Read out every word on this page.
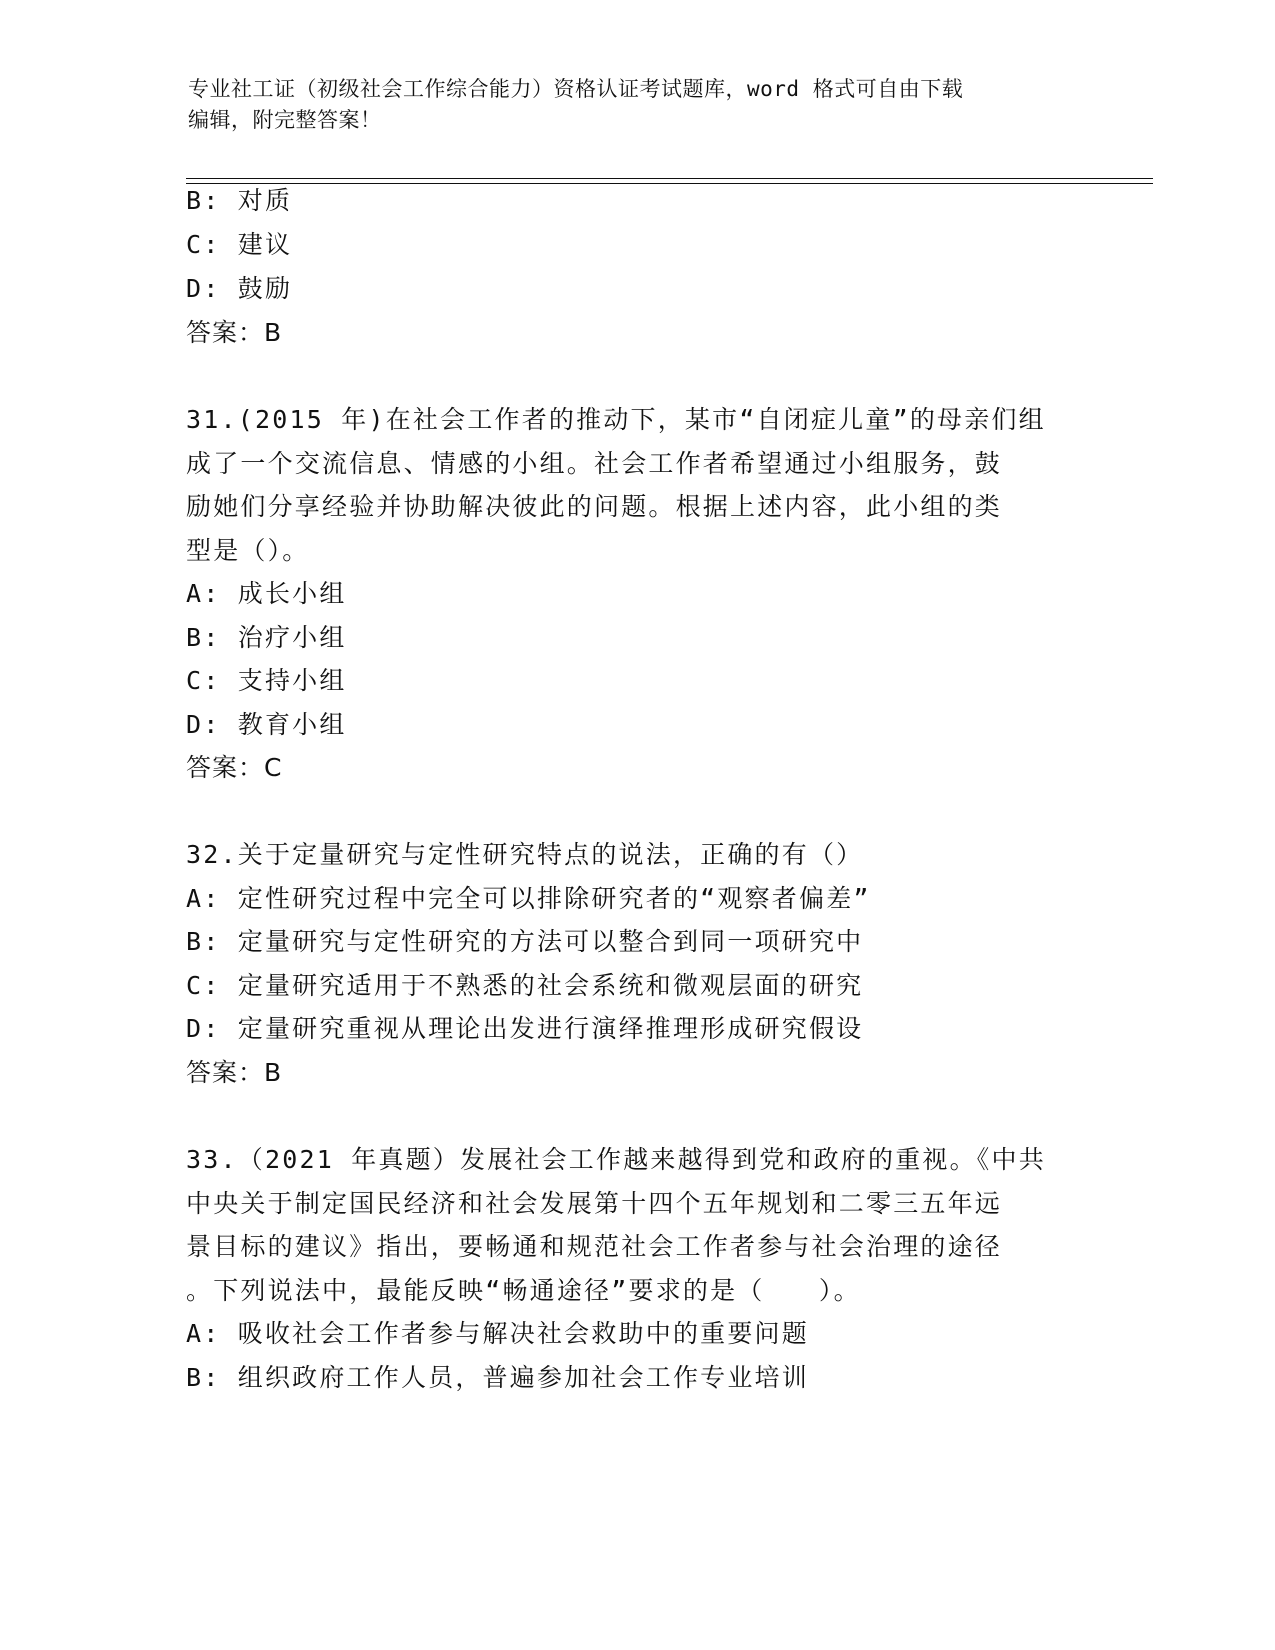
专业社工证（初级社会工作综合能力）资格认证考试题库，word 格式可自由下载
编辑，附完整答案！
B: 对质
C: 建议
D: 鼓励
答案：B
31.(2015 年)在社会工作者的推动下，某市“自闭症儿童”的母亲们组
成了一个交流信息、情感的小组。社会工作者希望通过小组服务，鼓
励她们分享经验并协助解决彼此的问题。根据上述内容，此小组的类
型是（）。
A: 成长小组
B: 治疗小组
C: 支持小组
D: 教育小组
答案：C
32.关于定量研究与定性研究特点的说法，正确的有（）
A: 定性研究过程中完全可以排除研究者的“观察者偏差”
B: 定量研究与定性研究的方法可以整合到同一项研究中
C: 定量研究适用于不熟悉的社会系统和微观层面的研究
D: 定量研究重视从理论出发进行演绎推理形成研究假设
答案：B
33.（2021 年真题）发展社会工作越来越得到党和政府的重视。《中共
中央关于制定国民经济和社会发展第十四个五年规划和二零三五年远
景目标的建议》指出，要畅通和规范社会工作者参与社会治理的途径
。下列说法中，最能反映“畅通途径”要求的是（　　）。
A: 吸收社会工作者参与解决社会救助中的重要问题
B: 组织政府工作人员，普遍参加社会工作专业培训
